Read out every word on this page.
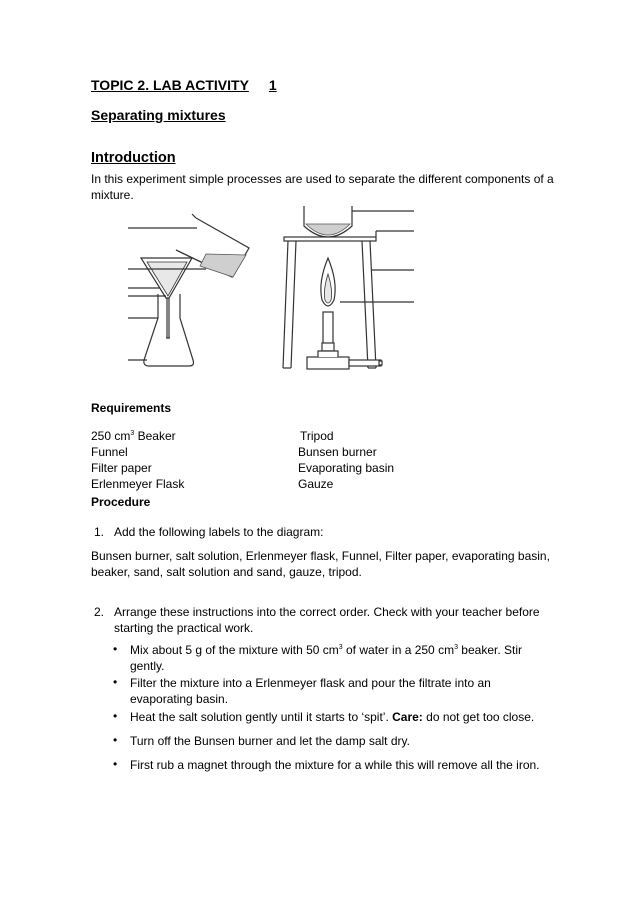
TOPIC 2. LAB ACTIVITY 1
Separating mixtures
Introduction
In this experiment simple processes are used to separate the different components of a
mixture.
Requirements
250 $cm^3$ Beaker
Funnel
Filter paper
Erlenmeyer Flask
Tripod
Bunsen burner
Evaporating basin
Gauze
Procedure
1. Add the following labels to the diagram:
Bunsen burner, salt solution, Erlenmeyer flask, Funnel, Filter paper, evaporating basin,
beaker, sand, salt solution and sand, gauze, tripod.
2. Arrange these instructions into the correct order. Check with your teacher before
starting the practical work.
• Mix about 5 g of the mixture with 50 $cm^3$ of water in a 250 $cm^3$ beaker. Stir
gently.
• Filter the mixture into a Erlenmeyer flask and pour the filtrate into an
evaporating basin.
• Heat the salt solution gently until it starts to ‘spit’. Care: do not get too close.
• Turn off the Bunsen burner and let the damp salt dry.
• First rub a magnet through the mixture for a while this will remove all the iron.
